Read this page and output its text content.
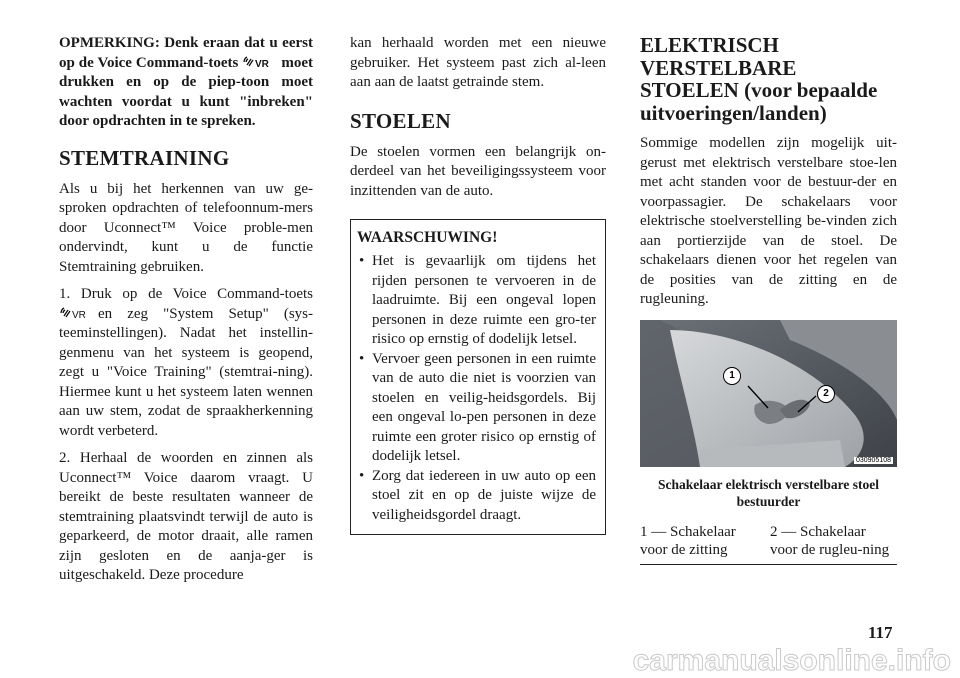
OPMERKING: Denk eraan dat u eerst op de Voice Command-toets VR moet drukken en op de piep-toon moet wachten voordat u kunt "inbreken" door opdrachten in te spreken.

STEMTRAINING

Als u bij het herkennen van uw ge-sproken opdrachten of telefoonnum-mers door Uconnect™ Voice proble-men ondervindt, kunt u de functie Stemtraining gebruiken.

1. Druk op de Voice Command-toets
VR en zeg "System Setup" (sys-teeminstellingen). Nadat het instellin-genmenu van het systeem is geopend, zegt u "Voice Training" (stemtrai-ning). Hiermee kunt u het systeem laten wennen aan uw stem, zodat de spraakherkenning wordt verbeterd.

2. Herhaal de woorden en zinnen als Uconnect™ Voice daarom vraagt. U bereikt de beste resultaten wanneer de stemtraining plaatsvindt terwijl de auto is geparkeerd, de motor draait, alle ramen zijn gesloten en de aanja-ger is uitgeschakeld. Deze procedure

kan herhaald worden met een nieuwe gebruiker. Het systeem past zich al-leen aan aan de laatst getrainde stem.

STOELEN

De stoelen vormen een belangrijk on-derdeel van het beveiligingssysteem voor inzittenden van de auto.

WAARSCHUWING!
• Het is gevaarlijk om tijdens het rijden personen te vervoeren in de laadruimte. Bij een ongeval lopen personen in deze ruimte een gro-ter risico op ernstig of dodelijk letsel.
• Vervoer geen personen in een ruimte van de auto die niet is voorzien van stoelen en veilig-heidsgordels. Bij een ongeval lo-pen personen in deze ruimte een groter risico op ernstig of dodelijk letsel.
• Zorg dat iedereen in uw auto op een stoel zit en op de juiste wijze de veiligheidsgordel draagt.
ELEKTRISCH VERSTELBARE STOELEN (voor bepaalde uitvoeringen/landen)

Sommige modellen zijn mogelijk uit-gerust met elektrisch verstelbare stoe-len met acht standen voor de bestuur-der en voorpassagier. De schakelaars voor elektrische stoelverstelling be-vinden zich aan portierzijde van de stoel. De schakelaars dienen voor het regelen van de posities van de zitting en de rugleuning.

1
2
030905108
Schakelaar elektrisch verstelbare stoel bestuurder
1 — Schakelaar voor de zitting
2 — Schakelaar voor de rugleu-ning
117
carmanualsonline.info
